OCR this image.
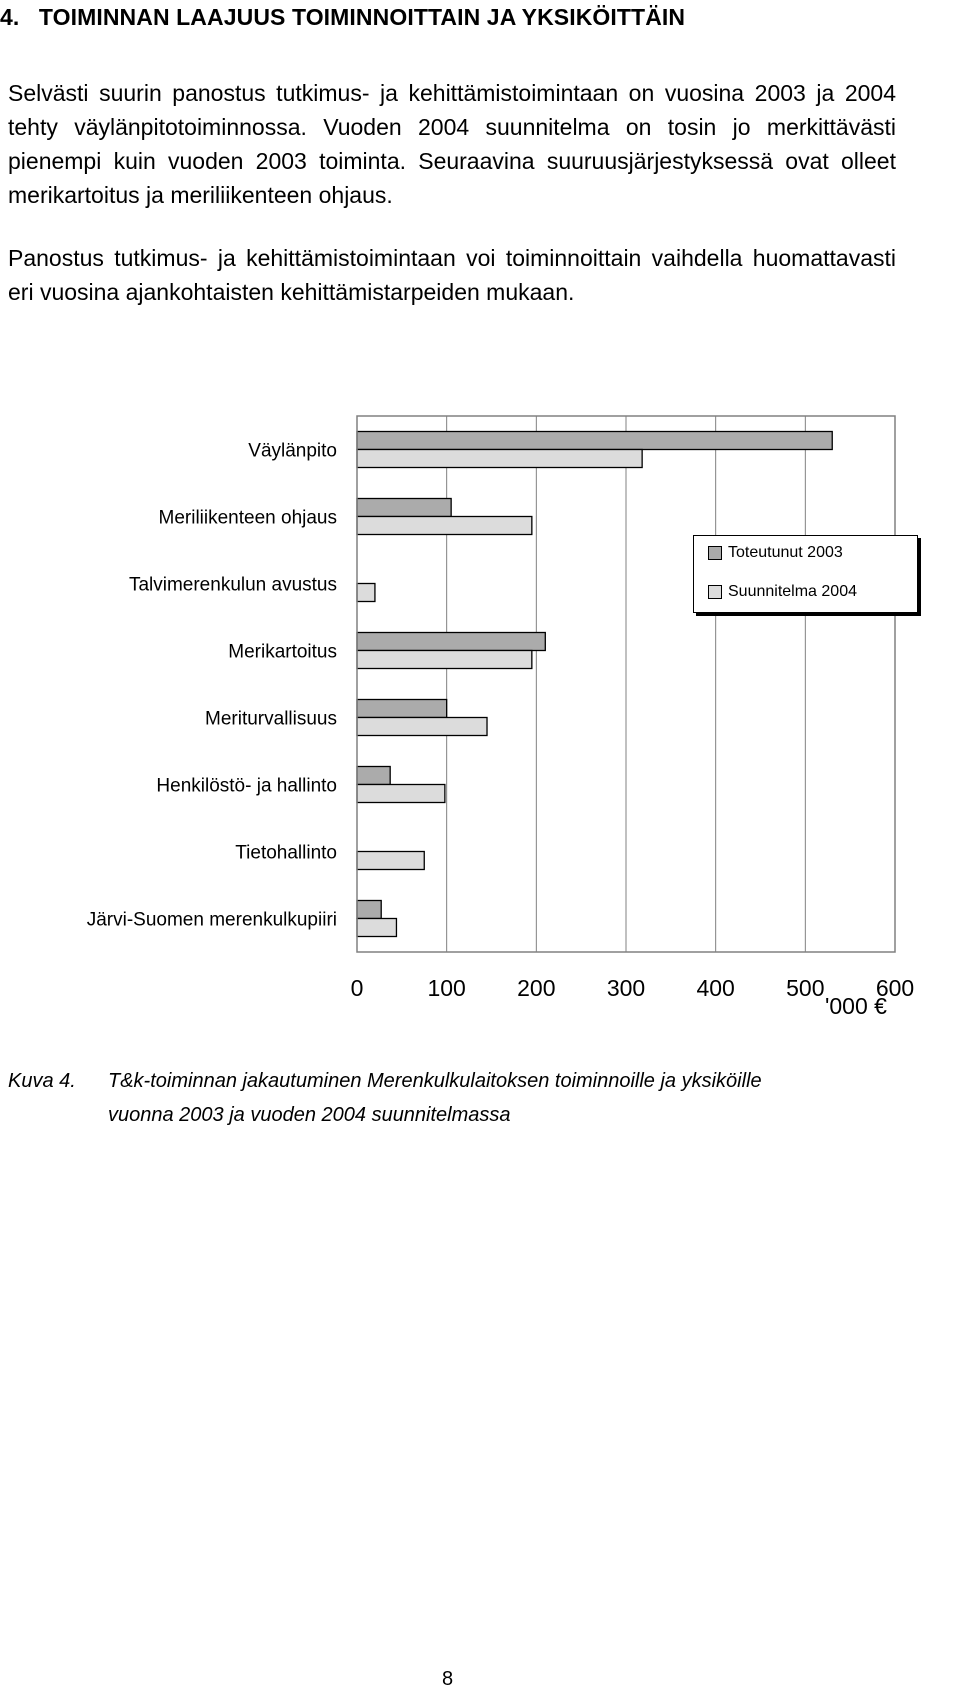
4.   TOIMINNAN LAAJUUS TOIMINNOITTAIN JA YKSIKÖITTÄIN

Selvästi suurin panostus tutkimus- ja kehittämistoimintaan on vuosina 2003 ja 2004 tehty väylänpitotoiminnossa. Vuoden 2004 suunnitelma on tosin jo merkittävästi pienempi kuin vuoden 2003 toiminta. Seuraavina suuruusjärjestyksessä ovat olleet merikartoitus ja meriliikenteen ohjaus.

Panostus tutkimus- ja kehittämistoimintaan voi toiminnoittain vaihdella huomattavasti eri vuosina ajankohtaisten kehittämistarpeiden mukaan.

Väylänpito
Meriliikenteen ohjaus
Talvimerenkulun avustus
Merikartoitus
Meriturvallisuus
Henkilöstö- ja hallinto
Tietohallinto
Järvi-Suomen merenkulkupiiri
0	100 200 300 400 500 600
'000 €
Toteutunut 2003
Suunnitelma 2004
Kuva 4. T&k-toiminnan jakautuminen Merenkulkulaitoksen toiminnoille ja yksiköille vuonna 2003 ja vuoden 2004 suunnitelmassa
8
